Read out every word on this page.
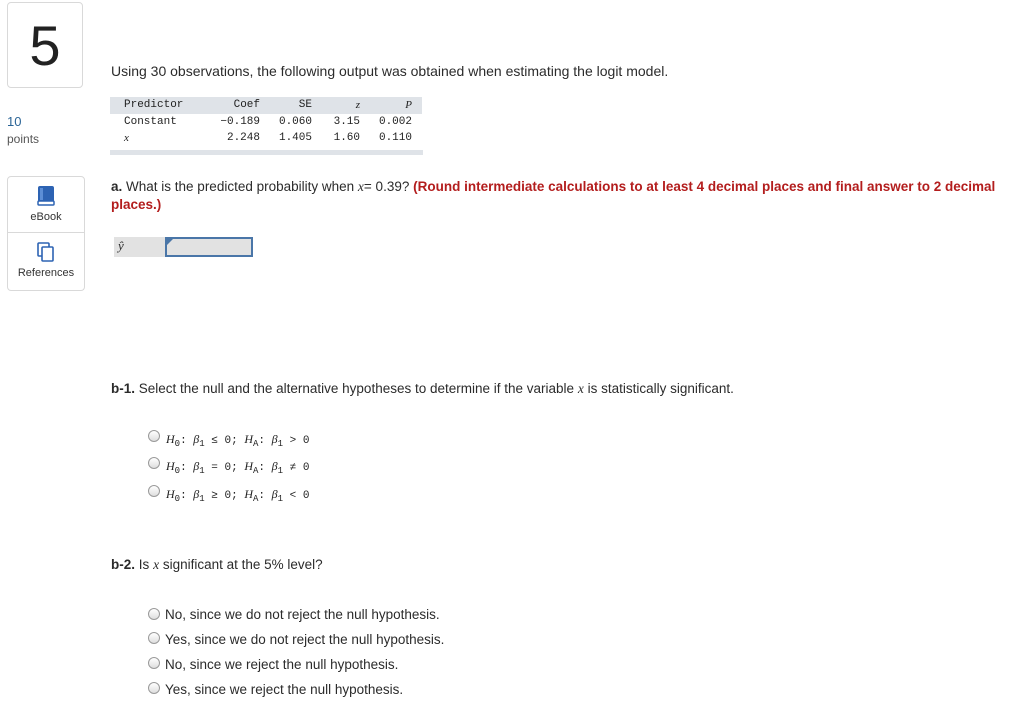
5
10
points
eBook
References
Using 30 observations, the following output was obtained when estimating the logit model.
Predictor	Coef	SE	z	P
Constant	−0.189	0.060	3.15	0.002
x	2.248	1.405	1.60	0.110
a. What is the predicted probability when x= 0.39? (Round intermediate calculations to at least 4 decimal places and final answer to 2 decimal places.)
ŷ
b-1. Select the null and the alternative hypotheses to determine if the variable x is statistically significant.
$H_0$: $\beta_1 \le 0$; $H_A$: $\beta_1 > 0$
$H_0$: $\beta_1 = 0$; $H_A$: $\beta_1 \ne 0$
$H_0$: $\beta_1 \ge 0$; $H_A$: $\beta_1 < 0$
b-2. Is x significant at the 5% level?
No, since we do not reject the null hypothesis.
Yes, since we do not reject the null hypothesis.
No, since we reject the null hypothesis.
Yes, since we reject the null hypothesis.
